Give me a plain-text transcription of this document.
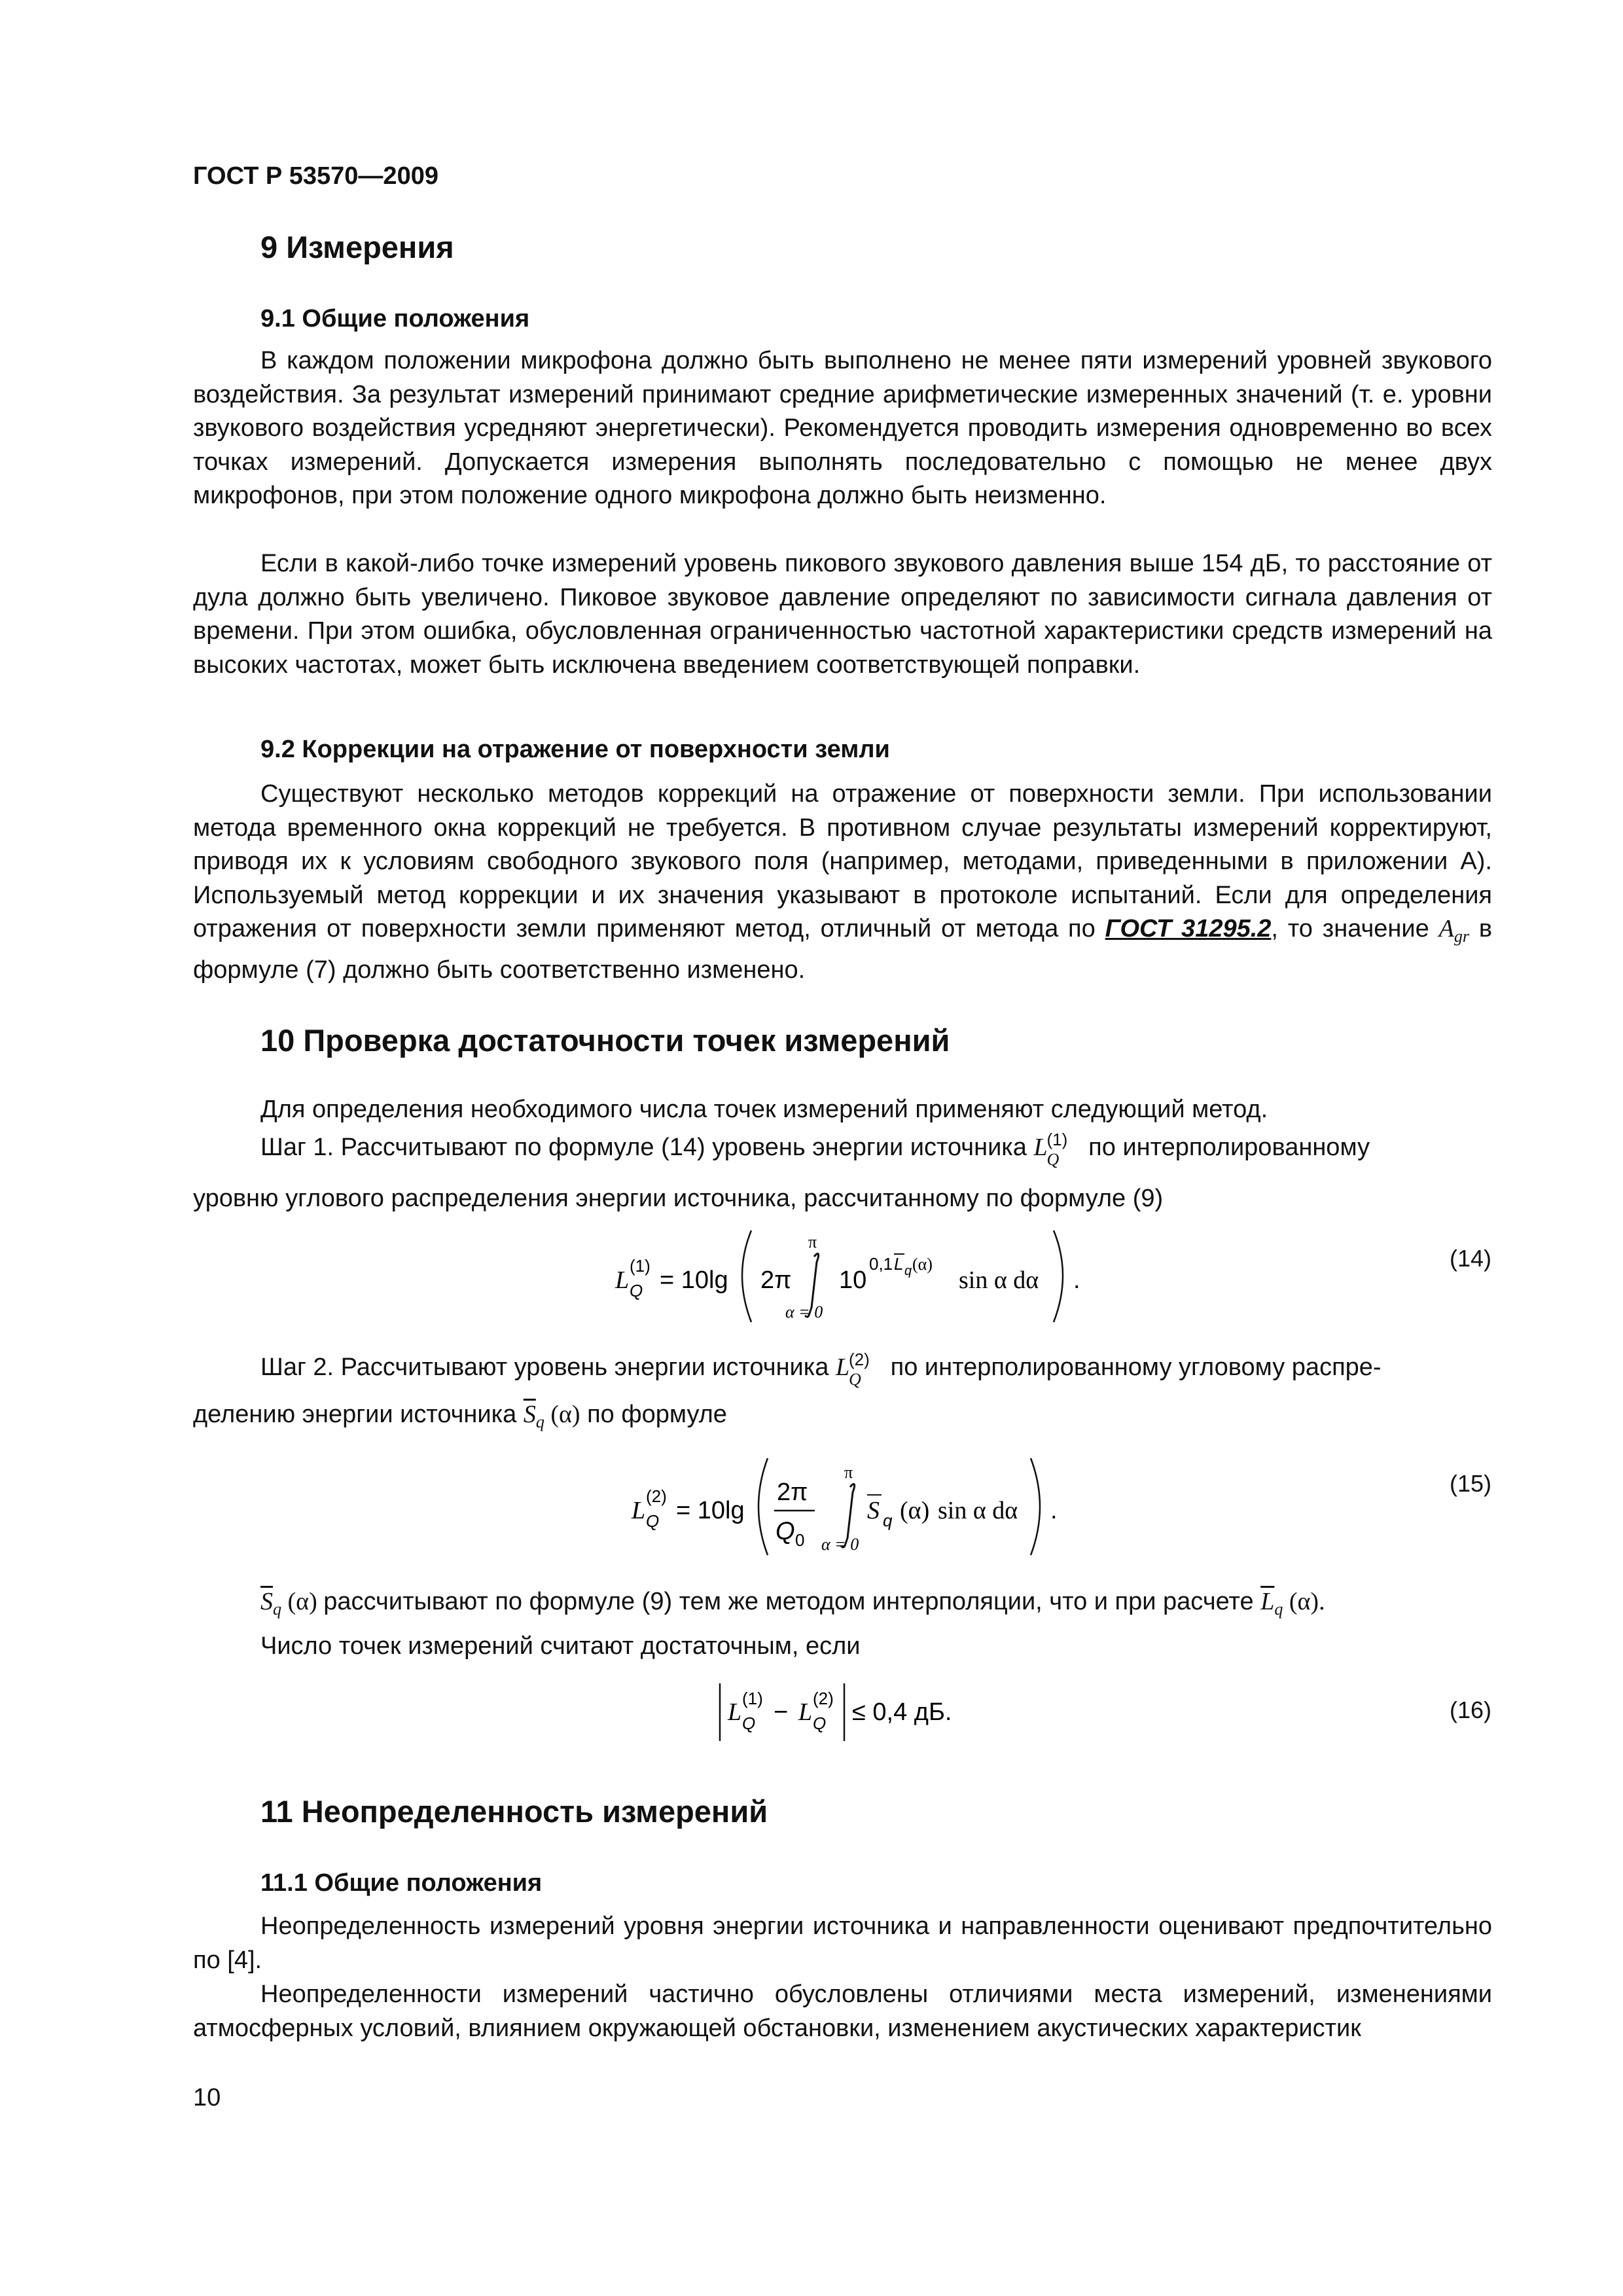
ГОСТ Р 53570—2009
9 Измерения
9.1 Общие положения
В каждом положении микрофона должно быть выполнено не менее пяти измерений уровней звукового воздействия. За результат измерений принимают средние арифметические измеренных значений (т. е. уровни звукового воздействия усредняют энергетически). Рекомендуется проводить измерения одновременно во всех точках измерений. Допускается измерения выполнять последовательно с помощью не менее двух микрофонов, при этом положение одного микрофона должно быть неизменно.
Если в какой-либо точке измерений уровень пикового звукового давления выше 154 дБ, то расстояние от дула должно быть увеличено. Пиковое звуковое давление определяют по зависимости сигнала давления от времени. При этом ошибка, обусловленная ограниченностью частотной характеристики средств измерений на высоких частотах, может быть исключена введением соответствующей поправки.
9.2 Коррекции на отражение от поверхности земли
Существуют несколько методов коррекций на отражение от поверхности земли. При использовании метода временного окна коррекций не требуется. В противном случае результаты измерений корректируют, приводя их к условиям свободного звукового поля (например, методами, приведенными в приложении А). Используемый метод коррекции и их значения указывают в протоколе испытаний. Если для определения отражения от поверхности земли применяют метод, отличный от метода по ГОСТ 31295.2, то значение $A_{gr}$ в формуле (7) должно быть соответственно изменено.
10 Проверка достаточности точек измерений
Для определения необходимого числа точек измерений применяют следующий метод.
Шаг 1. Рассчитывают по формуле (14) уровень энергии источника L
Q
(1) по интерполированному
уровню углового распределения энергии источника, рассчитанному по формуле (9)
L Q
(1)
= 10lg 2π
π
α = 0
10
0,1 L q (α)
sin α dα .
(14)
Шаг 2. Рассчитывают уровень энергии источника L
Q
(2) по интерполированному угловому распре-
делению энергии источника $\overline{S}_q$ (α) по формуле
L Q
(2)
= 10lg
2π
Q 0
π
α = 0
S q (α) sin α dα .
(15)
$\overline{S}_q$ (α) рассчитывают по формуле (9) тем же методом интерполяции, что и при расчете $\overline{L}_q$ (α).
Число точек измерений считают достаточным, если
L Q
(1) − L Q
(2) ≤ 0,4 дБ.	(16)
11 Неопределенность измерений
11.1 Общие положения
Неопределенность измерений уровня энергии источника и направленности оценивают предпочтительно по [4].
Неопределенности измерений частично обусловлены отличиями места измерений, изменениями атмосферных условий, влиянием окружающей обстановки, изменением акустических характеристик
10
